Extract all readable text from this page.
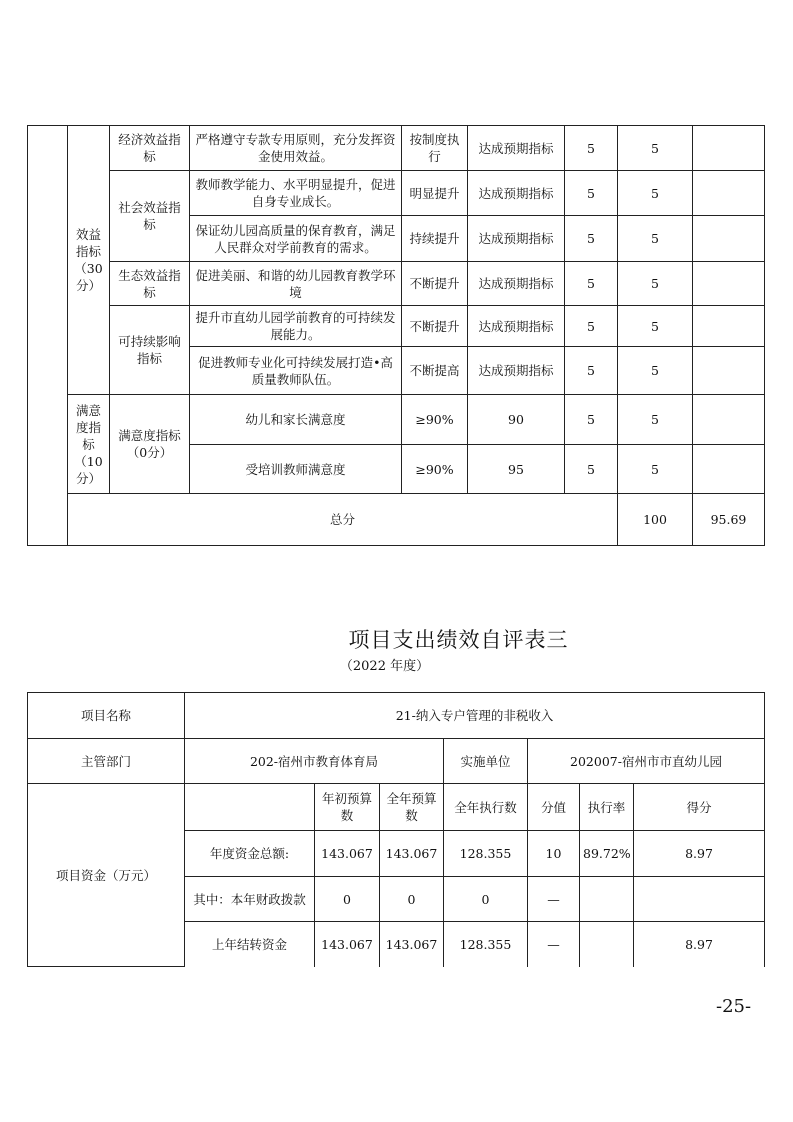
	效益指标（30分）	经济效益指标	严格遵守专款专用原则，充分发挥资金使用效益。	按制度执行	达成预期指标	5	5		
		社会效益指标	教师教学能力、水平明显提升，促进自身专业成长。	明显提升	达成预期指标	5	5		
			保证幼儿园高质量的保育教育，满足人民群众对学前教育的需求。	持续提升	达成预期指标	5	5		
		生态效益指标	促进美丽、和谐的幼儿园教育教学环境	不断提升	达成预期指标	5	5		
		可持续影响指标	提升市直幼儿园学前教育的可持续发展能力。	不断提升	达成预期指标	5	5		
			促进教师专业化可持续发展打造•高质量教师队伍。	不断提高	达成预期指标	5	5		
	满意度指标（10分）	满意度指标（0分）	幼儿和家长满意度	≥90%	90	5	5		
			受培训教师满意度	≥90%	95	5	5		
	总分						100	95.69	
项目支出绩效自评表三
（2022 年度）
项目名称	21-纳入专户管理的非税收入						
主管部门	202-宿州市教育体育局			实施单位	202007-宿州市市直幼儿园		
项目资金（万元）		年初预算数	全年预算数	全年执行数	分值	执行率	得分
	年度资金总额:	143.067	143.067	128.355	10	89.72%	8.97
	其中：本年财政拨款	0	0	0	—		
	上年结转资金	143.067	143.067	128.355	—		8.97
-25-
